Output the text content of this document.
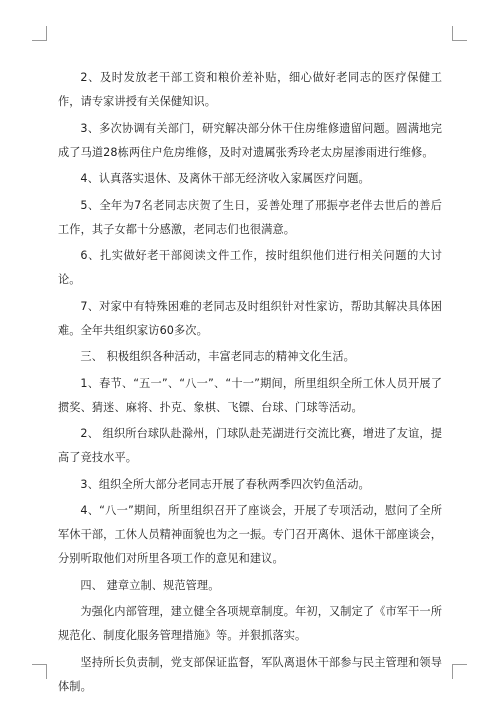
2、及时发放老干部工资和粮价差补贴，细心做好老同志的医疗保健工作，请专家讲授有关保健知识。

3、多次协调有关部门，研究解决部分休干住房维修遗留问题。圆满地完成了马道28栋两住户危房维修，及时对遗属张秀玲老太房屋渗雨进行维修。

4、认真落实退休、及离休干部无经济收入家属医疗问题。

5、全年为7名老同志庆贺了生日，妥善处理了邢振亭老伴去世后的善后工作，其子女都十分感激，老同志们也很满意。

6、扎实做好老干部阅读文件工作，按时组织他们进行相关问题的大讨论。

7、对家中有特殊困难的老同志及时组织针对性家访，帮助其解决具体困难。全年共组织家访60多次。

三、 积极组织各种活动，丰富老同志的精神文化生活。

1、春节、“五一”、“八一”、“十一”期间，所里组织全所工休人员开展了掼奖、猜迷、麻将、扑克、象棋、飞镖、台球、门球等活动。

2、 组织所台球队赴滁州，门球队赴芜湖进行交流比赛，增进了友谊，提高了竞技水平。

3、组织全所大部分老同志开展了春秋两季四次钓鱼活动。

4、“八一”期间，所里组织召开了座谈会，开展了专项活动，慰问了全所军休干部，工休人员精神面貌也为之一振。专门召开离休、退休干部座谈会，分别听取他们对所里各项工作的意见和建议。

四、 建章立制、规范管理。

为强化内部管理，建立健全各项规章制度。年初，又制定了《市军干一所规范化、制度化服务管理措施》等。并狠抓落实。

坚持所长负责制，党支部保证监督，军队离退休干部参与民主管理和领导体制。
